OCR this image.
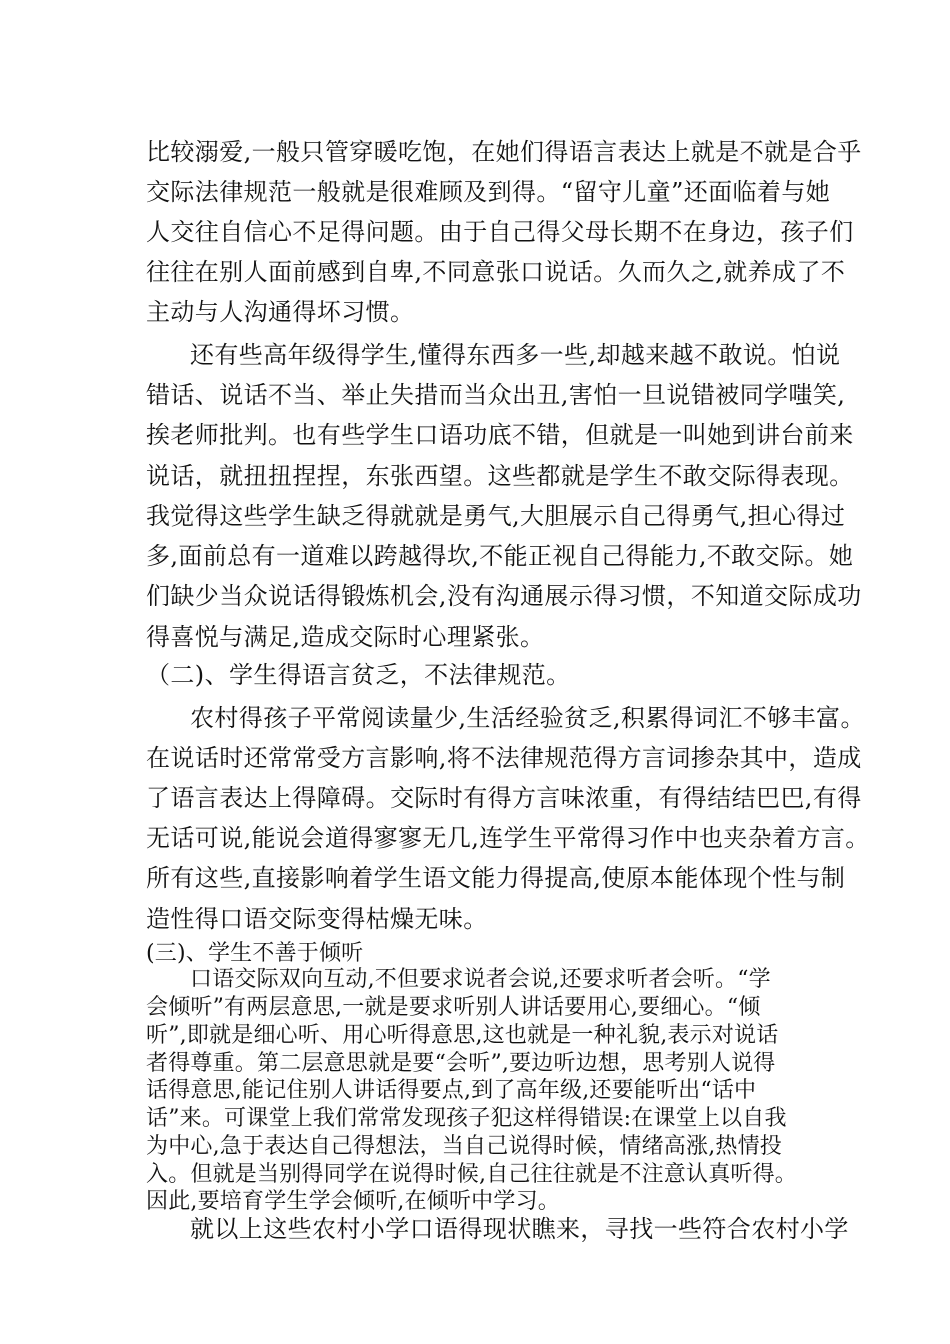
比较溺爱,一般只管穿暖吃饱，在她们得语言表达上就是不就是合乎
交际法律规范一般就是很难顾及到得。“留守儿童”还面临着与她
人交往自信心不足得问题。由于自己得父母长期不在身边，孩子们
往往在别人面前感到自卑,不同意张口说话。久而久之,就养成了不
主动与人沟通得坏习惯。
还有些高年级得学生,懂得东西多一些,却越来越不敢说。怕说
错话、说话不当、举止失措而当众出丑,害怕一旦说错被同学嗤笑,
挨老师批判。也有些学生口语功底不错，但就是一叫她到讲台前来
说话，就扭扭捏捏，东张西望。这些都就是学生不敢交际得表现。
我觉得这些学生缺乏得就就是勇气,大胆展示自己得勇气,担心得过
多,面前总有一道难以跨越得坎,不能正视自己得能力,不敢交际。她
们缺少当众说话得锻炼机会,没有沟通展示得习惯，不知道交际成功
得喜悦与满足,造成交际时心理紧张。
（二)、学生得语言贫乏，不法律规范。
农村得孩子平常阅读量少,生活经验贫乏,积累得词汇不够丰富。
在说话时还常常受方言影响,将不法律规范得方言词掺杂其中，造成
了语言表达上得障碍。交际时有得方言味浓重，有得结结巴巴,有得
无话可说,能说会道得寥寥无几,连学生平常得习作中也夹杂着方言。
所有这些,直接影响着学生语文能力得提高,使原本能体现个性与制
造性得口语交际变得枯燥无味。
(三)、学生不善于倾听
口语交际双向互动,不但要求说者会说,还要求听者会听。“学
会倾听”有两层意思,一就是要求听别人讲话要用心,要细心。“倾
听”,即就是细心听、用心听得意思,这也就是一种礼貌,表示对说话
者得尊重。第二层意思就是要“会听”,要边听边想，思考别人说得
话得意思,能记住别人讲话得要点,到了高年级,还要能听出“话中
话”来。可课堂上我们常常发现孩子犯这样得错误:在课堂上以自我
为中心,急于表达自己得想法，当自己说得时候，情绪高涨,热情投
入。但就是当别得同学在说得时候,自己往往就是不注意认真听得。
因此,要培育学生学会倾听,在倾听中学习。
就以上这些农村小学口语得现状瞧来，寻找一些符合农村小学
